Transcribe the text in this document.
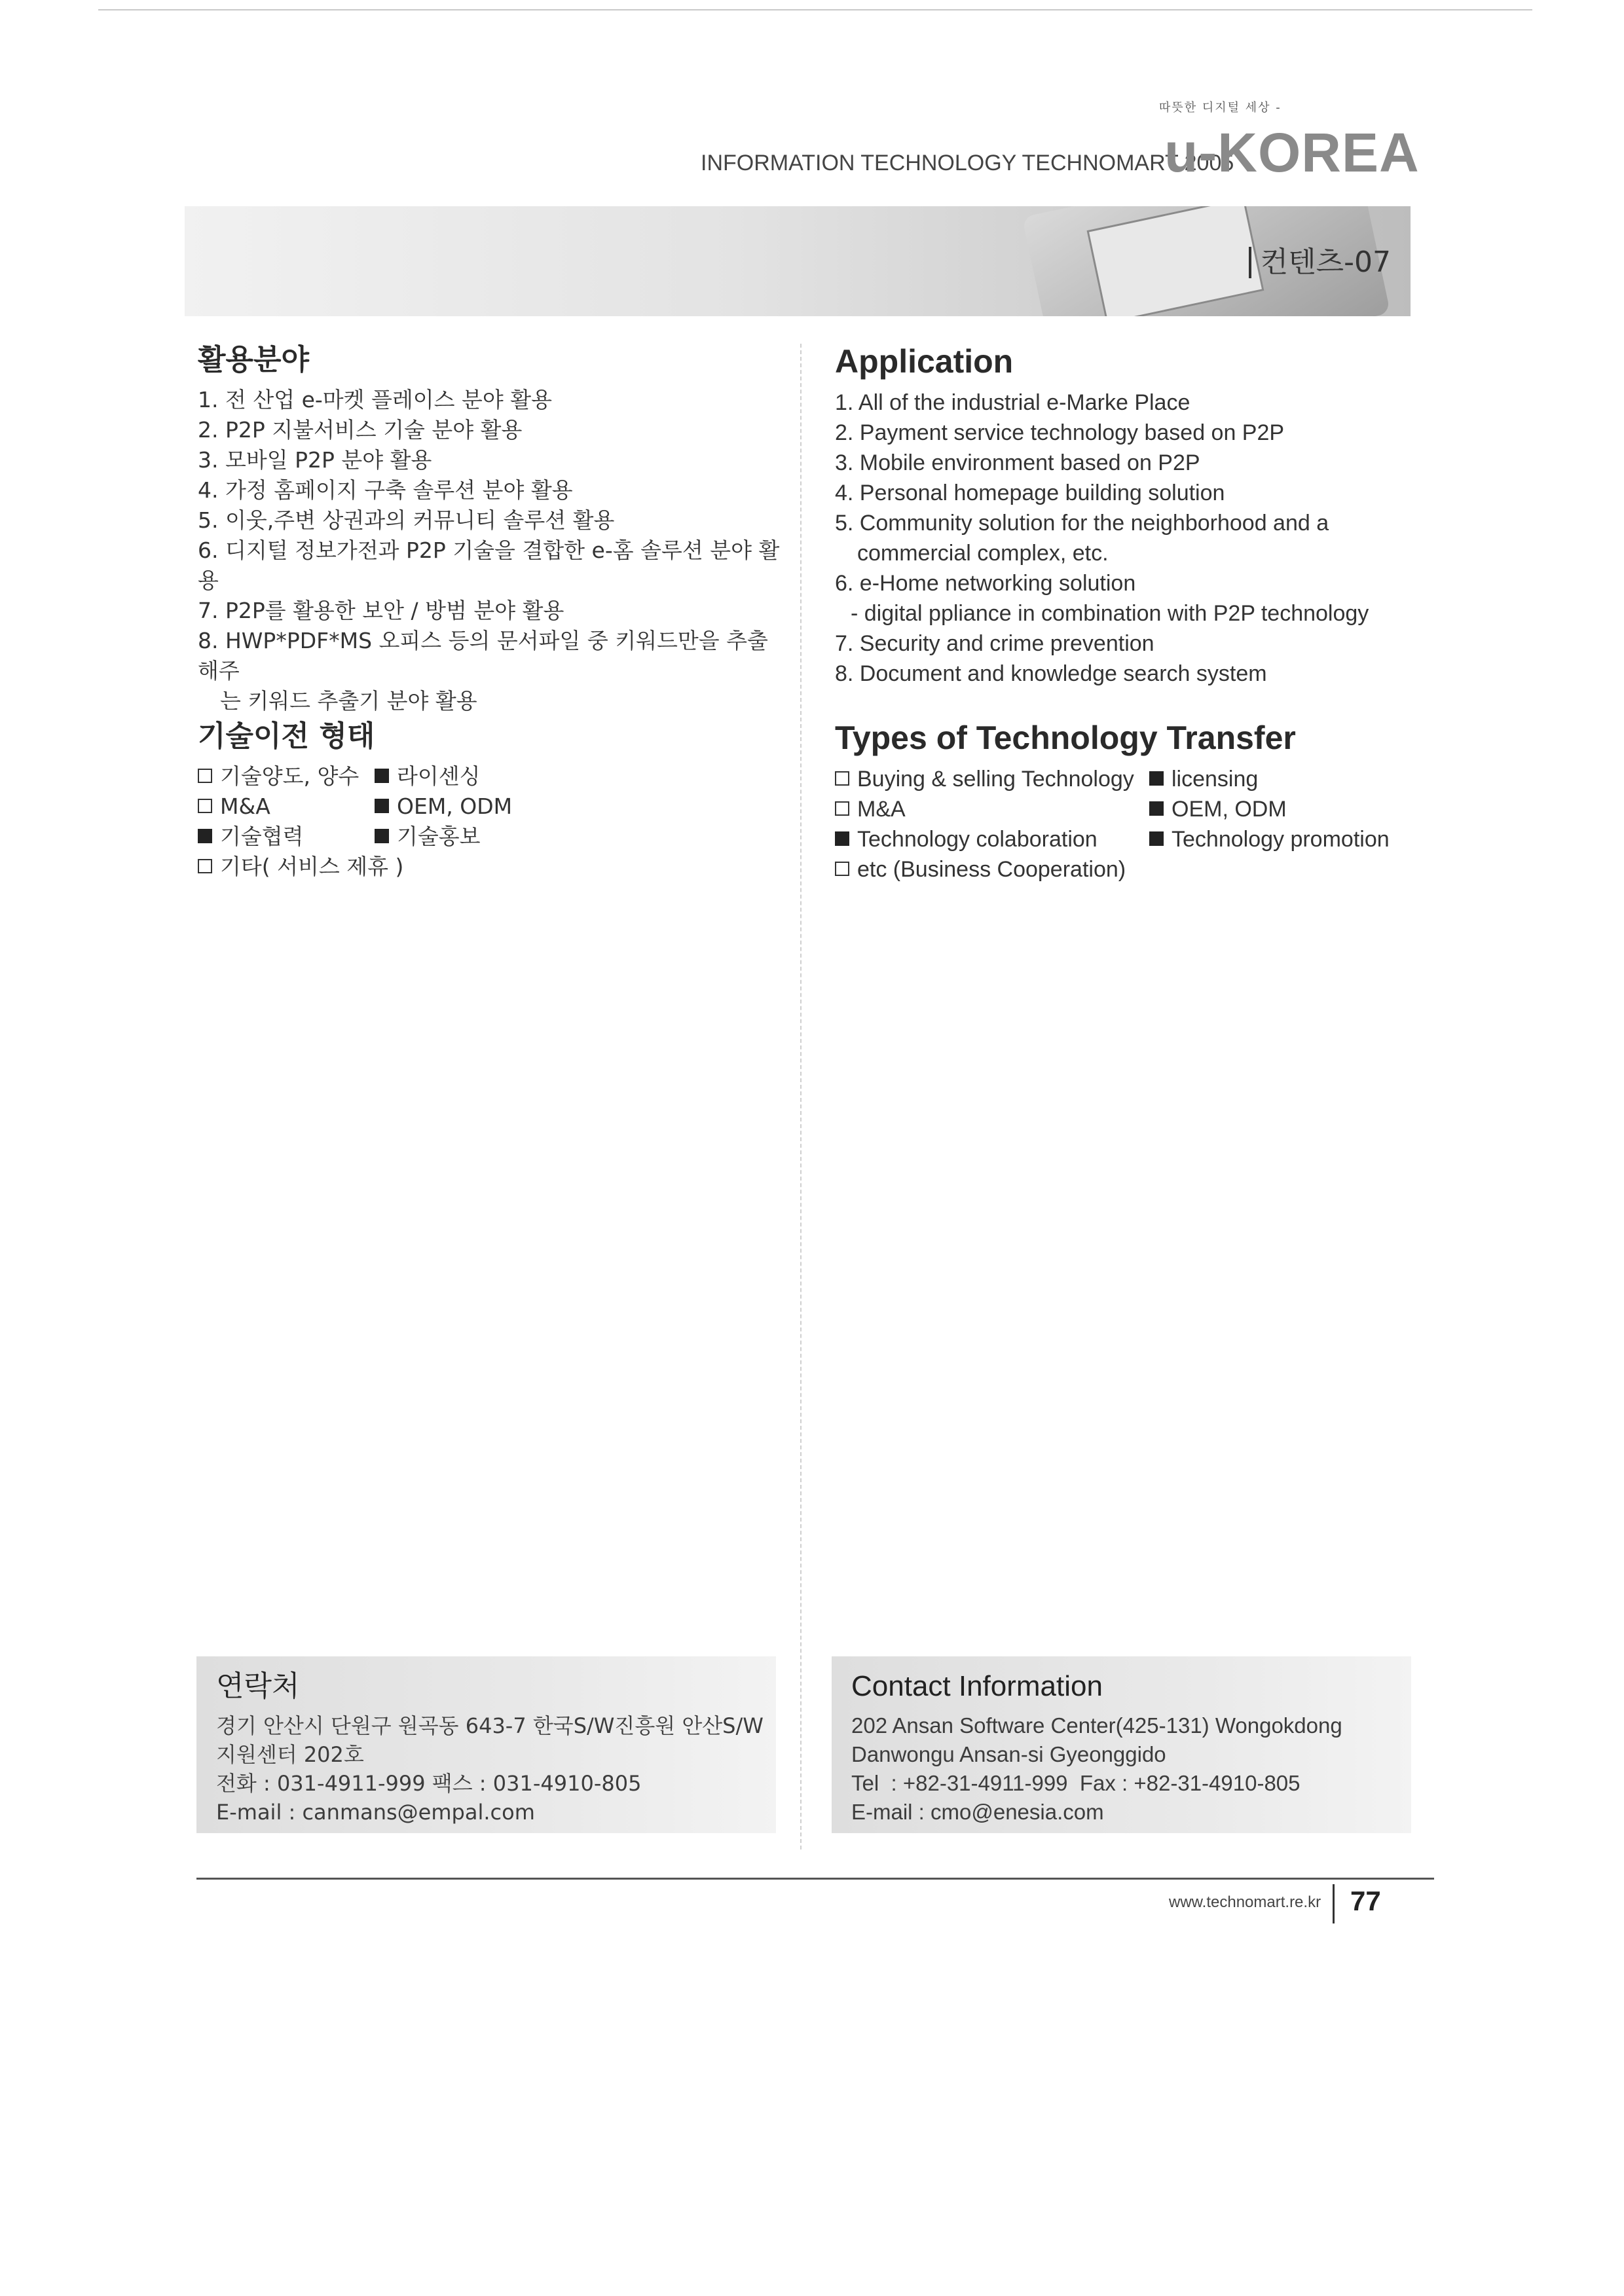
따뜻한 디지털 세상 -
INFORMATION TECHNOLOGY TECHNOMART 2005
u-KOREA
컨텐츠-07
활용분야
1. 전 산업 e-마켓 플레이스 분야 활용
2. P2P 지불서비스 기술 분야 활용
3. 모바일 P2P 분야 활용
4. 가정 홈페이지 구축 솔루션 분야 활용
5. 이웃,주변 상권과의 커뮤니티 솔루션 활용
6. 디지털 정보가전과 P2P 기술을 결합한 e-홈 솔루션 분야 활용
7. P2P를 활용한 보안 / 방범 분야 활용
8. HWP*PDF*MS 오피스 등의 문서파일 중 키워드만을 추출해주
는 키워드 추출기 분야 활용
기술이전 형태
기술양도, 양수	라이센싱
M&A	OEM, ODM
기술협력	기술홍보
기타( 서비스 제휴 )
Application
1. All of the industrial e-Marke Place
2. Payment service technology based on P2P
3. Mobile environment based on P2P
4. Personal homepage building solution
5. Community solution for the neighborhood and a
commercial complex, etc.
6. e-Home networking solution
- digital ppliance in combination with P2P technology
7. Security and crime prevention
8. Document and knowledge search system
Types of Technology Transfer
Buying & selling Technology	licensing
M&A	OEM, ODM
Technology colaboration	Technology promotion
etc (Business Cooperation)
연락처

경기 안산시 단원구 원곡동 643-7 한국S/W진흥원 안산S/W
지원센터 202호
전화 : 031-4911-999 팩스 : 031-4910-805
E-mail : canmans@empal.com

Contact Information

202 Ansan Software Center(425-131) Wongokdong
Danwongu Ansan-si Gyeonggido
Tel  : +82-31-4911-999  Fax : +82-31-4910-805
E-mail : cmo@enesia.com

www.technomart.re.kr 77
